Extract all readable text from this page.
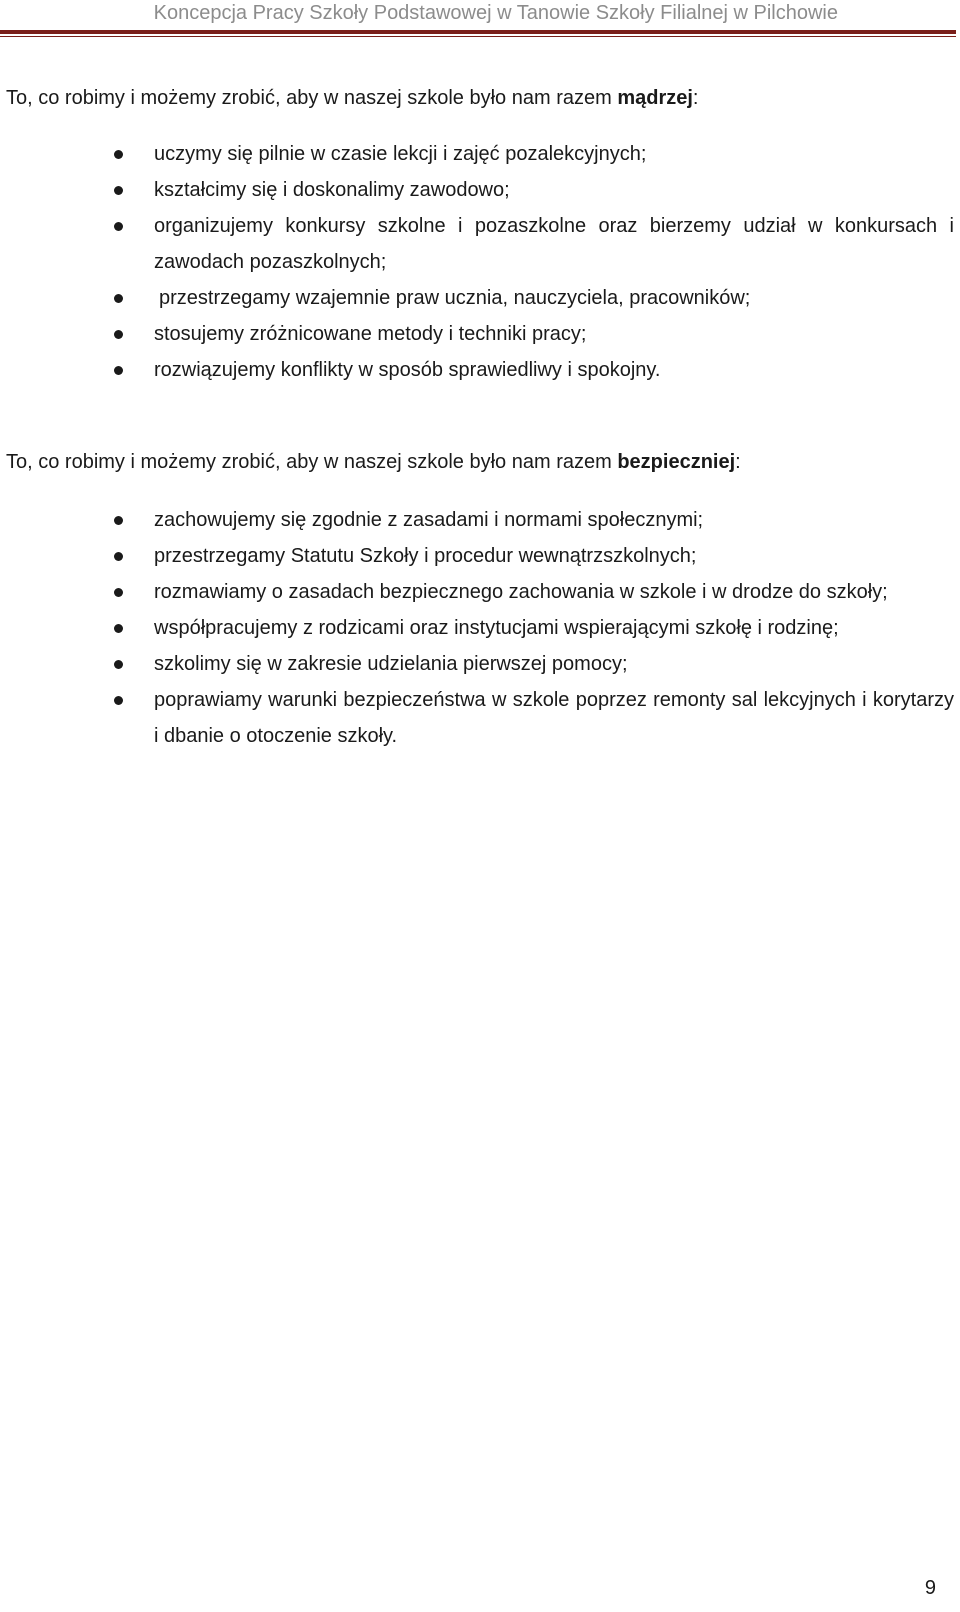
Koncepcja Pracy Szkoły Podstawowej w Tanowie Szkoły Filialnej w Pilchowie
To, co robimy i możemy zrobić, aby w naszej szkole było nam razem mądrzej:
uczymy się pilnie w czasie lekcji i zajęć pozalekcyjnych;
kształcimy się i doskonalimy zawodowo;
organizujemy konkursy szkolne i pozaszkolne oraz bierzemy udział w konkursach i zawodach pozaszkolnych;
przestrzegamy wzajemnie praw ucznia, nauczyciela, pracowników;
stosujemy zróżnicowane metody i techniki pracy;
rozwiązujemy konflikty w sposób sprawiedliwy i spokojny.
To, co robimy i możemy zrobić, aby w naszej szkole było nam razem bezpieczniej:
zachowujemy się zgodnie z zasadami i normami społecznymi;
przestrzegamy Statutu Szkoły i procedur wewnątrzszkolnych;
rozmawiamy o zasadach bezpiecznego zachowania w szkole i w drodze do szkoły;
współpracujemy z rodzicami oraz instytucjami wspierającymi szkołę i rodzinę;
szkolimy się w zakresie udzielania pierwszej pomocy;
poprawiamy warunki bezpieczeństwa w szkole poprzez remonty sal lekcyjnych i korytarzy i dbanie o otoczenie szkoły.
9
